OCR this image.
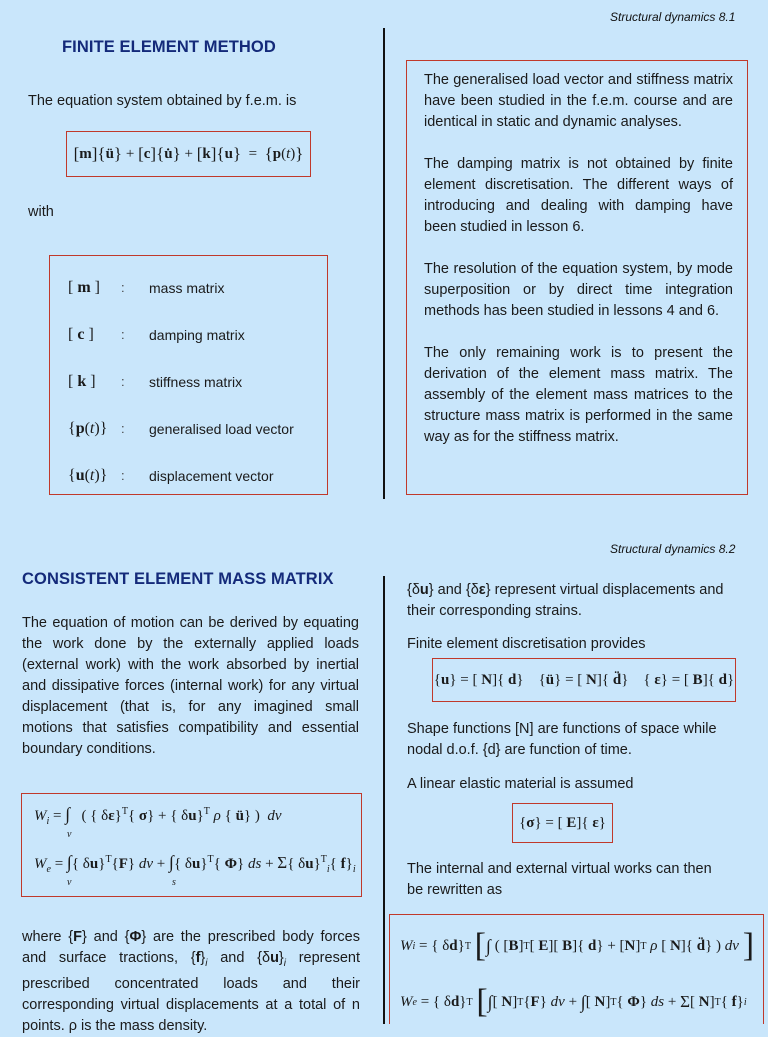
Structural dynamics 8.1
FINITE ELEMENT METHOD
The equation system obtained by f.e.m. is
[ m ] { ü } + [ c ] { u̇ } + [ k ] { u } = { p ( t ) }
with
[ m ]	:	mass matrix
[ c ]	:	damping matrix
[ k ]	:	stiffness matrix
{p(t)}	:	generalised load vector
{u(t)}	:	displacement vector

The generalised load vector and stiffness matrix have been studied in the f.e.m. course and are identical in static and dynamic analyses.

The damping matrix is not obtained by finite element discretisation. The different ways of introducing and dealing with damping have been studied in lesson 6.

The resolution of the equation system, by mode superposition or by direct time integration methods has been studied in lessons 4 and 6.

The only remaining work is to present the derivation of the element mass matrix. The assembly of the element mass matrices to the structure mass matrix is performed in the same way as for the stiffness matrix.

Structural dynamics 8.2
CONSISTENT ELEMENT MASS MATRIX
The equation of motion can be derived by equating the work done by the externally applied loads (external work) with the work absorbed by inertial and dissipative forces (internal work) for any virtual displacement (that is, for any imagined small motions that satisfies compatibility and essential boundary conditions.
$W_i$ = ∫   ( { δε}$^T${ σ} + { δu}$^T$ ρ { ü} )  dv
v
$W_e$ = ∫{ δu}$^T${F} dv + ∫{ δu}$^T${ Φ} ds + Σ{ δu}$^T_i${ $f\}_i$
v	s
where {F} and {Φ} are the prescribed body forces and surface tractions, $\{f\}_i$ and $\{\delta u\}_i$ represent prescribed concentrated loads and their corresponding virtual displacements at a total of n points. ρ is the mass density.
{δu} and {δε} represent virtual displacements and their corresponding strains.
Finite element discretisation provides
{ u } = [ N ]{ d }    { ü } = [ N ]{ d̈ }    { ε } = [ B ]{ d }
Shape functions [N] are functions of space while nodal d.o.f. {d} are function of time.
A linear elastic material is assumed
{ σ } = [ E ]{ ε }
The internal and external virtual works can then be rewritten as
W i = { δ d } T
[ ∫ ( [ B ] T [ E ][ B ]{ d } + [ N ] T
ρ [ N ]{ d̈ } ) dv
]
W e = { δ d } T
[ ∫ [ N ] T { F } dv + ∫ [ N ] T { Φ } ds + Σ [ N ] T { f } i
